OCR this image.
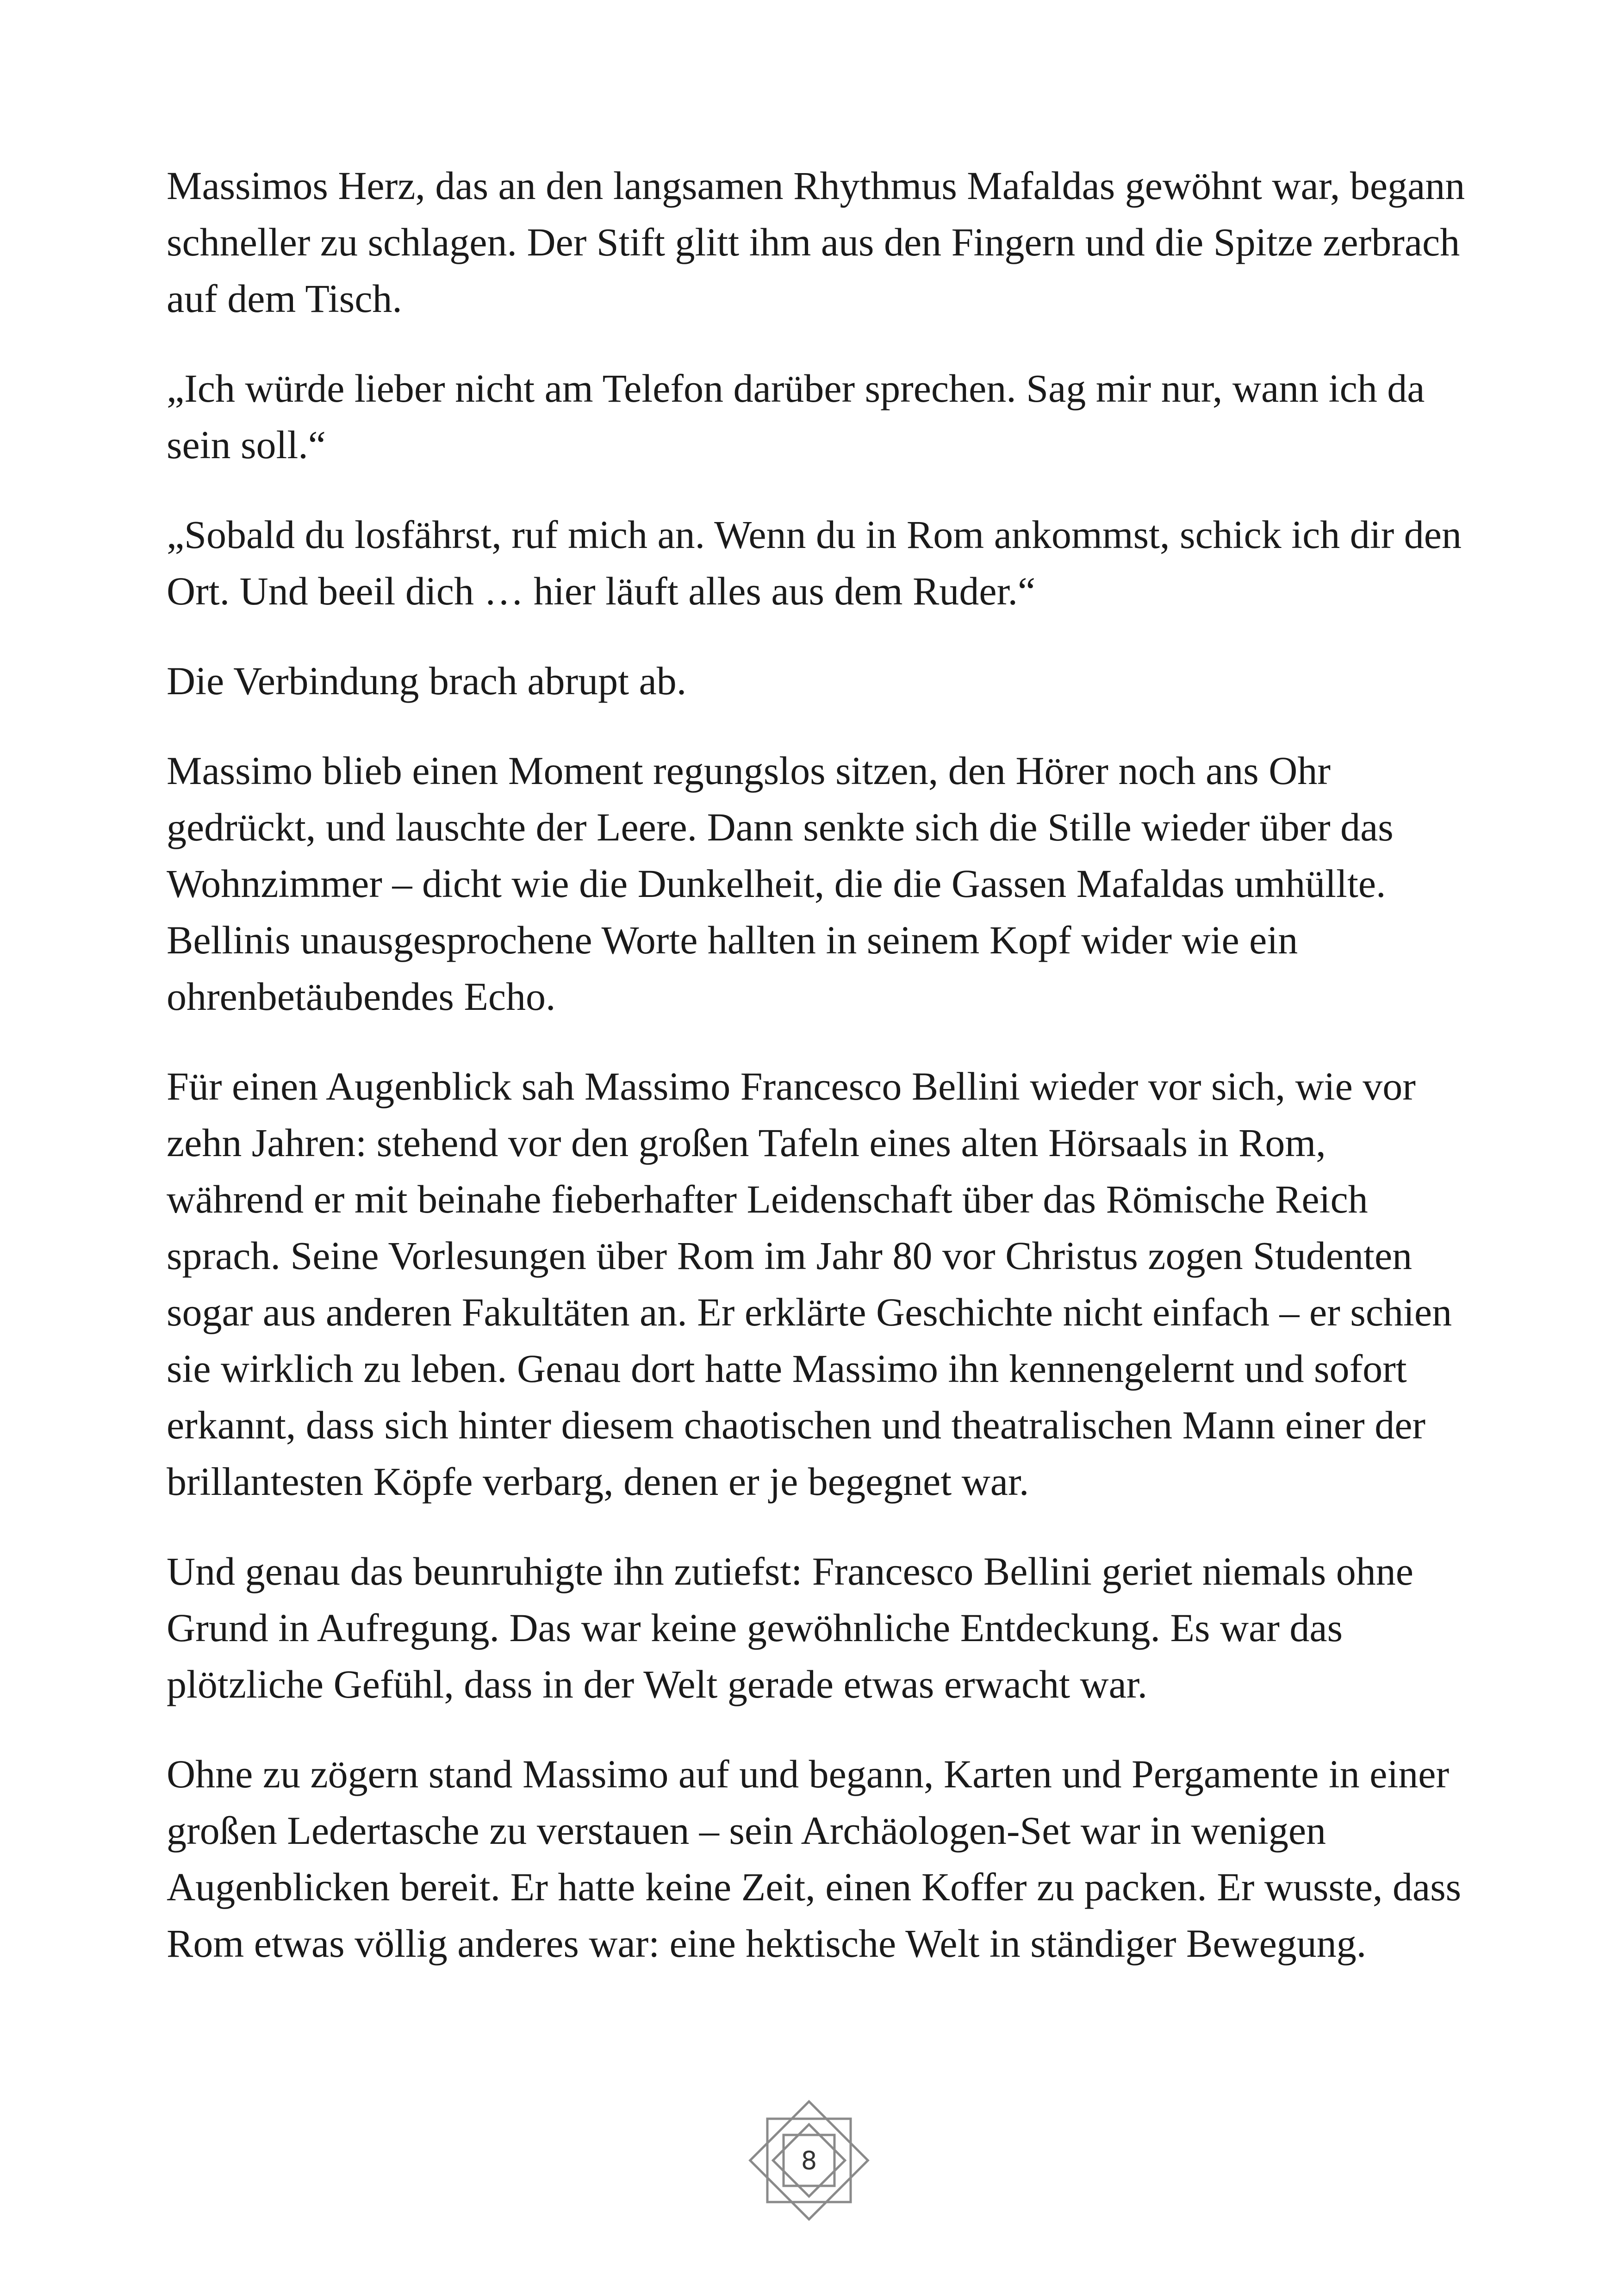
Massimos Herz, das an den langsamen Rhythmus Mafaldas gewöhnt war, begann schneller zu schlagen. Der Stift glitt ihm aus den Fingern und die Spitze zerbrach auf dem Tisch.

„Ich würde lieber nicht am Telefon darüber sprechen. Sag mir nur, wann ich da sein soll.“

„Sobald du losfährst, ruf mich an. Wenn du in Rom ankommst, schick ich dir den Ort. Und beeil dich … hier läuft alles aus dem Ruder.“

Die Verbindung brach abrupt ab.

Massimo blieb einen Moment regungslos sitzen, den Hörer noch ans Ohr gedrückt, und lauschte der Leere. Dann senkte sich die Stille wieder über das Wohnzimmer – dicht wie die Dunkelheit, die die Gassen Mafaldas umhüllte. Bellinis unausgesprochene Worte hallten in seinem Kopf wider wie ein ohrenbetäubendes Echo.

Für einen Augenblick sah Massimo Francesco Bellini wieder vor sich, wie vor zehn Jahren: stehend vor den großen Tafeln eines alten Hörsaals in Rom, während er mit beinahe fieberhafter Leidenschaft über das Römische Reich sprach. Seine Vorlesungen über Rom im Jahr 80 vor Christus zogen Studenten sogar aus anderen Fakultäten an. Er erklärte Geschichte nicht einfach – er schien sie wirklich zu leben. Genau dort hatte Massimo ihn kennengelernt und sofort erkannt, dass sich hinter diesem chaotischen und theatralischen Mann einer der brillantesten Köpfe verbarg, denen er je begegnet war.

Und genau das beunruhigte ihn zutiefst: Francesco Bellini geriet niemals ohne Grund in Aufregung. Das war keine gewöhnliche Entdeckung. Es war das plötzliche Gefühl, dass in der Welt gerade etwas erwacht war.

Ohne zu zögern stand Massimo auf und begann, Karten und Pergamente in einer großen Ledertasche zu verstauen – sein Archäologen-Set war in wenigen Augenblicken bereit. Er hatte keine Zeit, einen Koffer zu packen. Er wusste, dass Rom etwas völlig anderes war: eine hektische Welt in ständiger Bewegung.

8
